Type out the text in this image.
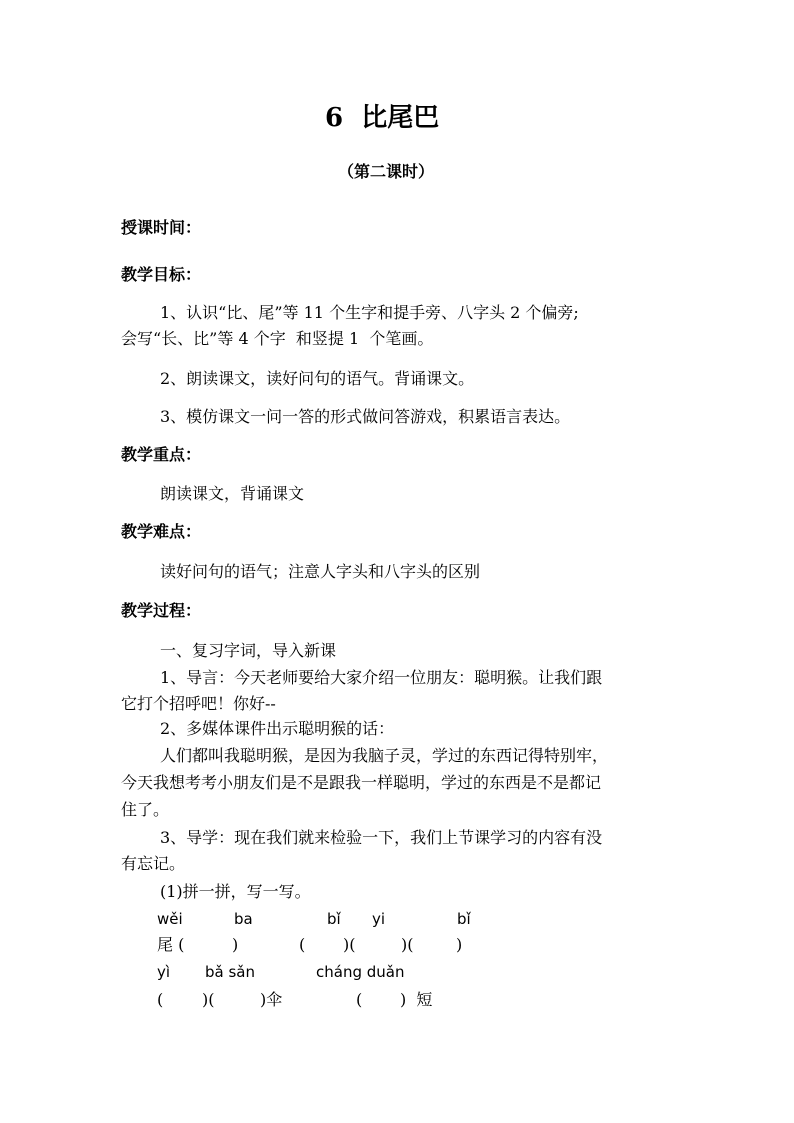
6  比尾巴
（第二课时）
授课时间：
教学目标：
1、认识“比、尾”等 11 个生字和提手旁、八字头 2 个偏旁;
会写“长、比”等 4 个字  和竖提 1  个笔画。
2、朗读课文，读好问句的语气。背诵课文。
3、模仿课文一问一答的形式做问答游戏，积累语言表达。
教学重点：
朗读课文，背诵课文
教学难点：
读好问句的语气；注意人字头和八字头的区别
教学过程：
一、复习字词，导入新课
1、导言：今天老师要给大家介绍一位朋友：聪明猴。让我们跟
它打个招呼吧！你好--
2、多媒体课件出示聪明猴的话：
人们都叫我聪明猴，是因为我脑子灵，学过的东西记得特别牢，
今天我想考考小朋友们是不是跟我一样聪明，学过的东西是不是都记
住了。
3、导学：现在我们就来检验一下，我们上节课学习的内容有没
有忘记。
(1)拼一拼，写一写。
wěi	ba	bǐ yi	bǐ
尾 (	)	( )(	)(	)
yì bǎ sǎn	cháng duǎn
( )(	)伞	( )  短
